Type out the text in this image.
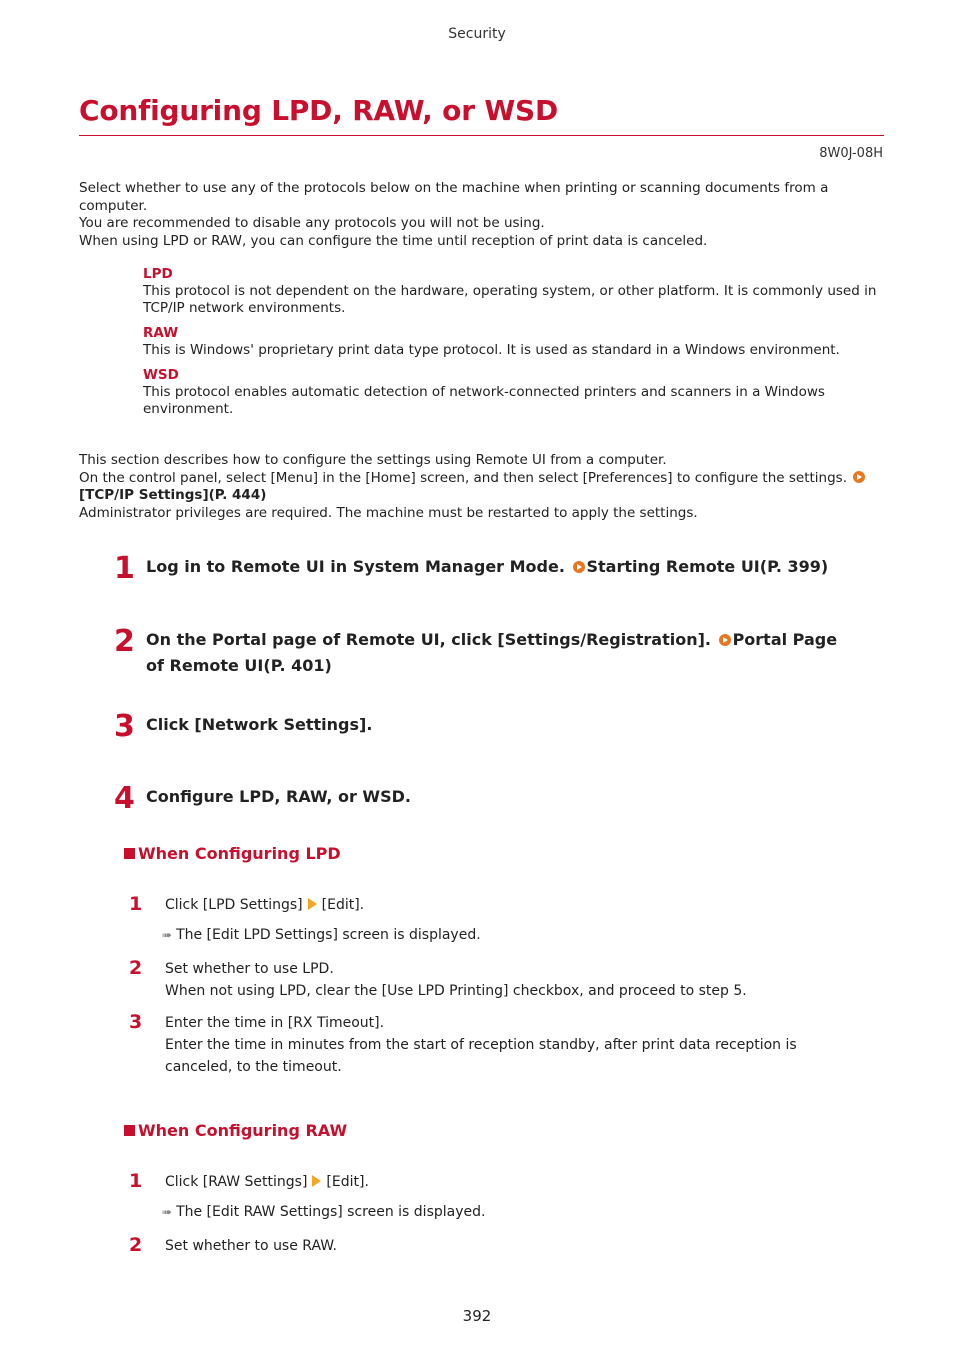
Security
Configuring LPD, RAW, or WSD
8W0J-08H
Select whether to use any of the protocols below on the machine when printing or scanning documents from a computer.
You are recommended to disable any protocols you will not be using.
When using LPD or RAW, you can configure the time until reception of print data is canceled.
LPD
This protocol is not dependent on the hardware, operating system, or other platform. It is commonly used in TCP/IP network environments.
RAW
This is Windows' proprietary print data type protocol. It is used as standard in a Windows environment.
WSD
This protocol enables automatic detection of network-connected printers and scanners in a Windows environment.
This section describes how to configure the settings using Remote UI from a computer.
On the control panel, select [Menu] in the [Home] screen, and then select [Preferences] to configure the settings.
[TCP/IP Settings](P. 444)
Administrator privileges are required. The machine must be restarted to apply the settings.
1 Log in to Remote UI in System Manager Mode. Starting Remote UI(P. 399)
2 On the Portal page of Remote UI, click [Settings/Registration]. Portal Page of Remote UI(P. 401)
3 Click [Network Settings].
4 Configure LPD, RAW, or WSD.
When Configuring LPD
1 Click [LPD Settings] [Edit].
➠ The [Edit LPD Settings] screen is displayed.
2 Set whether to use LPD.
When not using LPD, clear the [Use LPD Printing] checkbox, and proceed to step 5.
3 Enter the time in [RX Timeout].
Enter the time in minutes from the start of reception standby, after print data reception is canceled, to the timeout.
When Configuring RAW
1 Click [RAW Settings] [Edit].
➠ The [Edit RAW Settings] screen is displayed.
2 Set whether to use RAW.
392
